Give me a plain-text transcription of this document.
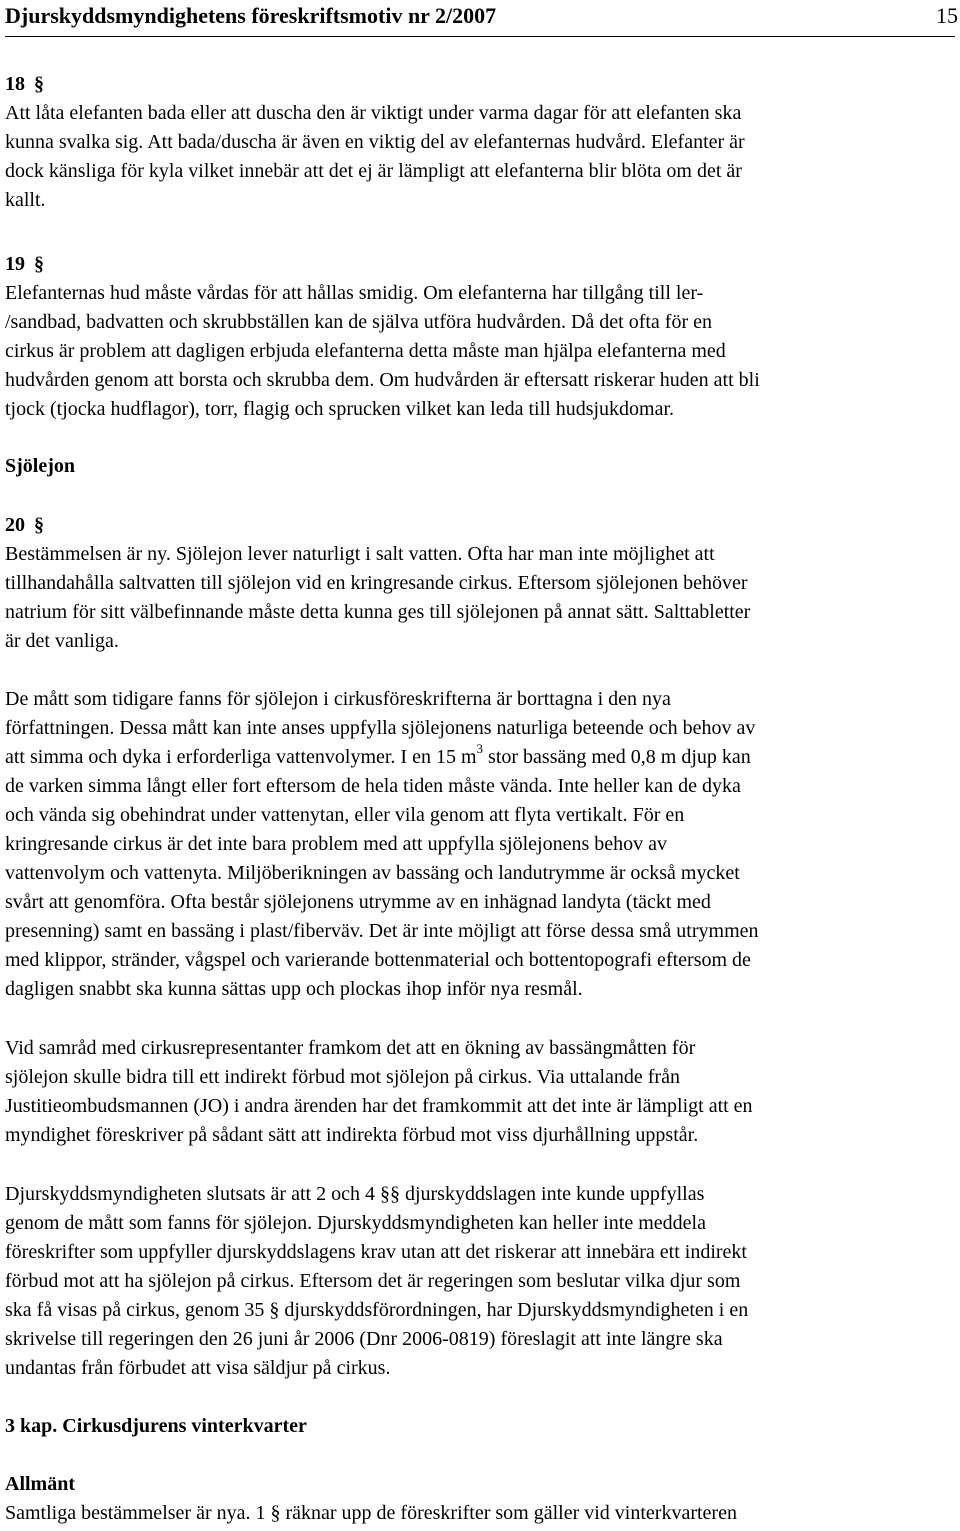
Djurskyddsmyndighetens föreskriftsmotiv nr 2/2007	15
18 §
Att låta elefanten bada eller att duscha den är viktigt under varma dagar för att elefanten ska
kunna svalka sig. Att bada/duscha är även en viktig del av elefanternas hudvård. Elefanter är
dock känsliga för kyla vilket innebär att det ej är lämpligt att elefanterna blir blöta om det är
kallt.
19 §
Elefanternas hud måste vårdas för att hållas smidig. Om elefanterna har tillgång till ler-
/sandbad, badvatten och skrubbställen kan de själva utföra hudvården. Då det ofta för en
cirkus är problem att dagligen erbjuda elefanterna detta måste man hjälpa elefanterna med
hudvården genom att borsta och skrubba dem. Om hudvården är eftersatt riskerar huden att bli
tjock (tjocka hudflagor), torr, flagig och sprucken vilket kan leda till hudsjukdomar.
Sjölejon
20 §
Bestämmelsen är ny. Sjölejon lever naturligt i salt vatten. Ofta har man inte möjlighet att
tillhandahålla saltvatten till sjölejon vid en kringresande cirkus. Eftersom sjölejonen behöver
natrium för sitt välbefinnande måste detta kunna ges till sjölejonen på annat sätt. Salttabletter
är det vanliga.
De mått som tidigare fanns för sjölejon i cirkusföreskrifterna är borttagna i den nya
författningen. Dessa mått kan inte anses uppfylla sjölejonens naturliga beteende och behov av
att simma och dyka i erforderliga vattenvolymer. I en 15 $m^3$ stor bassäng med 0,8 m djup kan
de varken simma långt eller fort eftersom de hela tiden måste vända. Inte heller kan de dyka
och vända sig obehindrat under vattenytan, eller vila genom att flyta vertikalt. För en
kringresande cirkus är det inte bara problem med att uppfylla sjölejonens behov av
vattenvolym och vattenyta. Miljöberikningen av bassäng och landutrymme är också mycket
svårt att genomföra. Ofta består sjölejonens utrymme av en inhägnad landyta (täckt med
presenning) samt en bassäng i plast/fiberväv. Det är inte möjligt att förse dessa små utrymmen
med klippor, stränder, vågspel och varierande bottenmaterial och bottentopografi eftersom de
dagligen snabbt ska kunna sättas upp och plockas ihop inför nya resmål.
Vid samråd med cirkusrepresentanter framkom det att en ökning av bassängmåtten för
sjölejon skulle bidra till ett indirekt förbud mot sjölejon på cirkus. Via uttalande från
Justitieombudsmannen (JO) i andra ärenden har det framkommit att det inte är lämpligt att en
myndighet föreskriver på sådant sätt att indirekta förbud mot viss djurhållning uppstår.
Djurskyddsmyndigheten slutsats är att 2 och 4 §§ djurskyddslagen inte kunde uppfyllas
genom de mått som fanns för sjölejon. Djurskyddsmyndigheten kan heller inte meddela
föreskrifter som uppfyller djurskyddslagens krav utan att det riskerar att innebära ett indirekt
förbud mot att ha sjölejon på cirkus. Eftersom det är regeringen som beslutar vilka djur som
ska få visas på cirkus, genom 35 § djurskyddsförordningen, har Djurskyddsmyndigheten i en
skrivelse till regeringen den 26 juni år 2006 (Dnr 2006-0819) föreslagit att inte längre ska
undantas från förbudet att visa säldjur på cirkus.
3 kap. Cirkusdjurens vinterkvarter
Allmänt
Samtliga bestämmelser är nya. 1 § räknar upp de föreskrifter som gäller vid vinterkvarteren
